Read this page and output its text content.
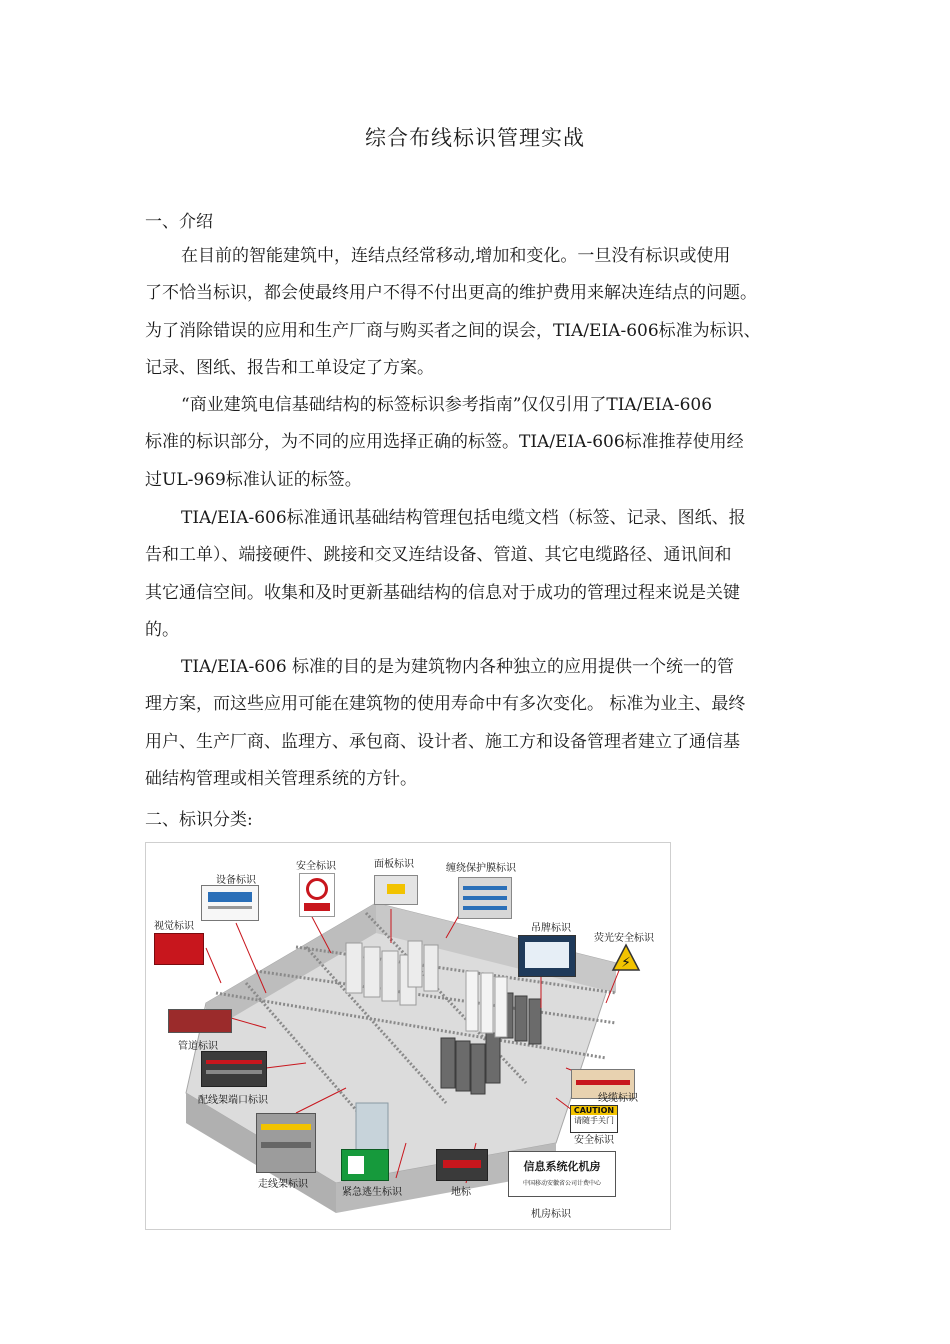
综合布线标识管理实战
一、介绍
在目前的智能建筑中，连结点经常移动,增加和变化。一旦没有标识或使用
了不恰当标识，都会使最终用户不得不付出更高的维护费用来解决连结点的问题。
为了消除错误的应用和生产厂商与购买者之间的误会，TIA/EIA-606标准为标识、
记录、图纸、报告和工单设定了方案。
“商业建筑电信基础结构的标签标识参考指南”仅仅引用了TIA/EIA-606
标准的标识部分，为不同的应用选择正确的标签。TIA/EIA-606标准推荐使用经
过UL-969标准认证的标签。
TIA/EIA-606标准通讯基础结构管理包括电缆文档（标签、记录、图纸、报
告和工单）、端接硬件、跳接和交叉连结设备、管道、其它电缆路径、通讯间和
其它通信空间。收集和及时更新基础结构的信息对于成功的管理过程来说是关键
的。
TIA/EIA-606 标准的目的是为建筑物内各种独立的应用提供一个统一的管
理方案，而这些应用可能在建筑物的使用寿命中有多次变化。 标准为业主、最终
用户、生产厂商、监理方、承包商、设计者、施工方和设备管理者建立了通信基
础结构管理或相关管理系统的方针。
二、标识分类:
⚡
CAUTION
请随手关门
信息系统化机房
中国移动安徽省公司计费中心
安全标识	面板标识	缠绕保护膜标识
设备标识
视觉标识	吊牌标识
荧光安全标识
管道标识
配线架端口标识	线缆标识
安全标识
走线架标识
紧急逃生标识	地标
机房标识
